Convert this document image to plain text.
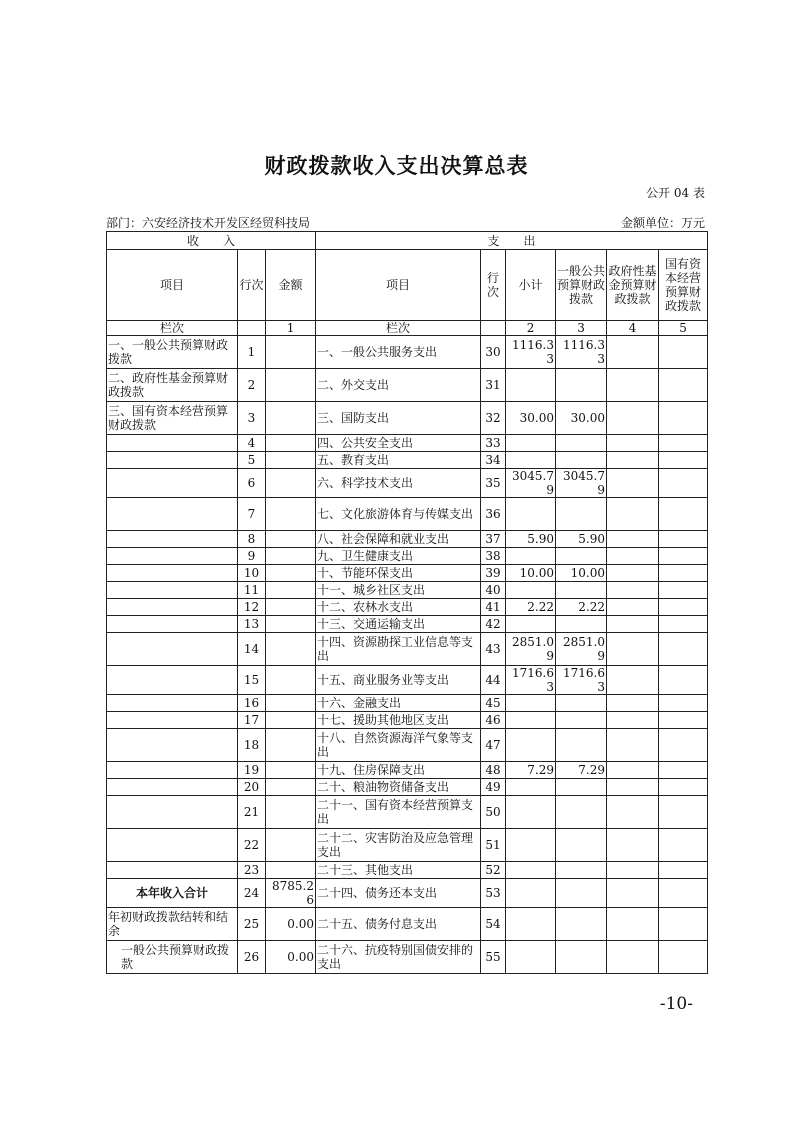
财政拨款收入支出决算总表
公开 04 表
部门：六安经济技术开发区经贸科技局	金额单位：万元
收　　入			支　　出					
项目	行次	金额	项目	行次	小计	一般公共预算财政拨款	政府性基金预算财政拨款	国有资本经营预算财政拨款
栏次		1	栏次		2	3	4	5
一、一般公共预算财政拨款	1		一、一般公共服务支出	30	1116.33	1116.33		
二、政府性基金预算财政拨款	2		二、外交支出	31				
三、国有资本经营预算财政拨款	3		三、国防支出	32	30.00	30.00		
	4		四、公共安全支出	33				
	5		五、教育支出	34				
	6		六、科学技术支出	35	3045.79	3045.79		
	7		七、文化旅游体育与传媒支出	36				
	8		八、社会保障和就业支出	37	5.90	5.90		
	9		九、卫生健康支出	38				
	10		十、节能环保支出	39	10.00	10.00		
	11		十一、城乡社区支出	40				
	12		十二、农林水支出	41	2.22	2.22		
	13		十三、交通运输支出	42				
	14		十四、资源勘探工业信息等支出	43	2851.09	2851.09		
	15		十五、商业服务业等支出	44	1716.63	1716.63		
	16		十六、金融支出	45				
	17		十七、援助其他地区支出	46				
	18		十八、自然资源海洋气象等支出	47				
	19		十九、住房保障支出	48	7.29	7.29		
	20		二十、粮油物资储备支出	49				
	21		二十一、国有资本经营预算支出	50				
	22		二十二、灾害防治及应急管理支出	51				
	23		二十三、其他支出	52				
本年收入合计	24	8785.26	二十四、债务还本支出	53				
年初财政拨款结转和结余	25	0.00	二十五、债务付息支出	54				
一般公共预算财政拨款	26	0.00	二十六、抗疫特别国债安排的支出	55				
-10-
